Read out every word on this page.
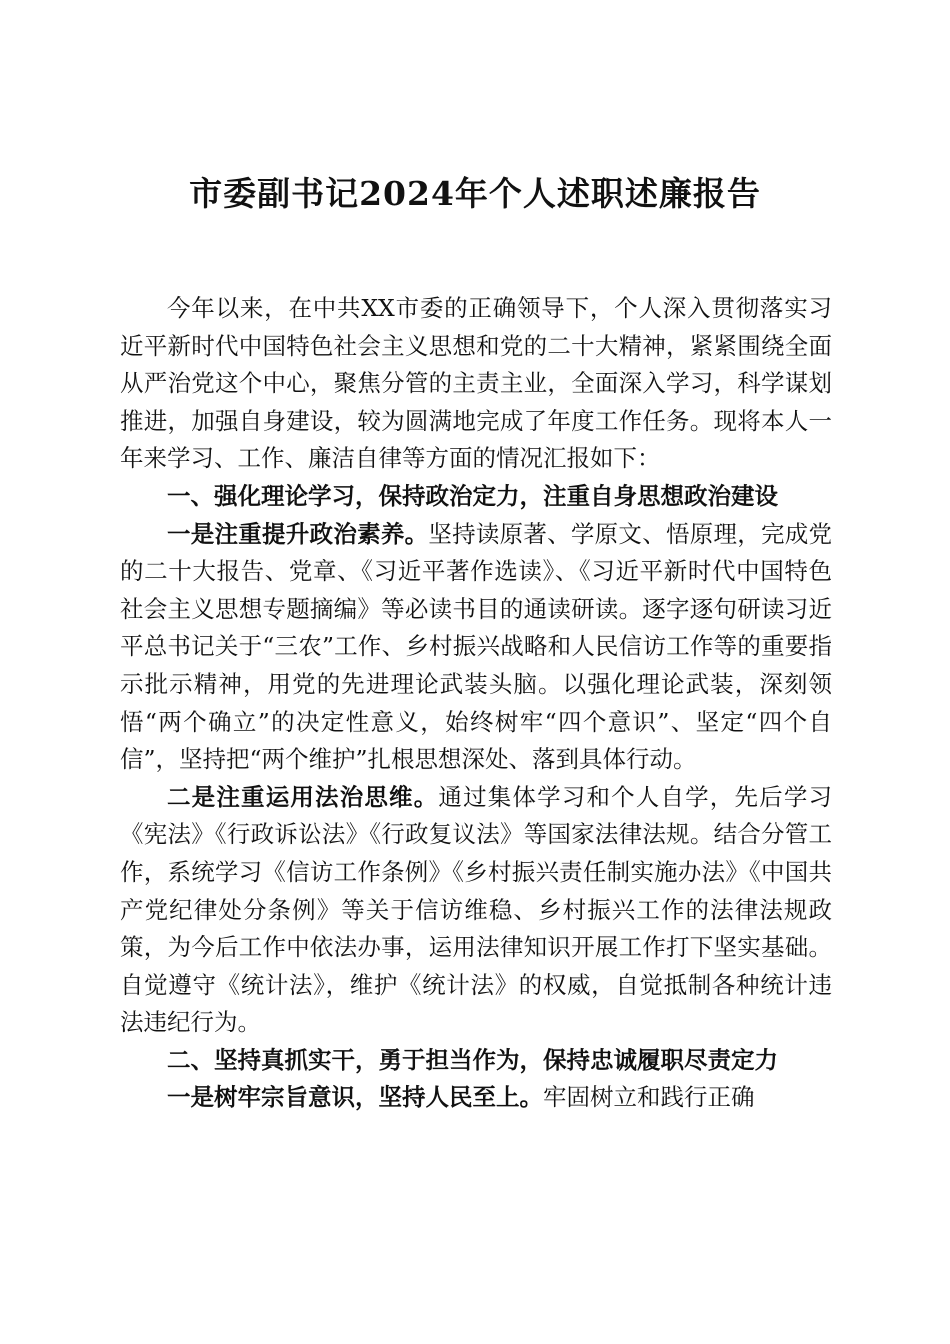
市委副书记2024年个人述职述廉报告

今年以来，在中共XX市委的正确领导下，个人深入贯彻落实习近平新时代中国特色社会主义思想和党的二十大精神，紧紧围绕全面从严治党这个中心，聚焦分管的主责主业，全面深入学习，科学谋划推进，加强自身建设，较为圆满地完成了年度工作任务。现将本人一年来学习、工作、廉洁自律等方面的情况汇报如下：

一、强化理论学习，保持政治定力，注重自身思想政治建设

一是注重提升政治素养。坚持读原著、学原文、悟原理，完成党的二十大报告、党章、《习近平著作选读》、《习近平新时代中国特色社会主义思想专题摘编》等必读书目的通读研读。逐字逐句研读习近平总书记关于“三农”工作、乡村振兴战略和人民信访工作等的重要指示批示精神，用党的先进理论武装头脑。以强化理论武装，深刻领悟“两个确立”的决定性意义，始终树牢“四个意识”、坚定“四个自信”，坚持把“两个维护”扎根思想深处、落到具体行动。

二是注重运用法治思维。通过集体学习和个人自学，先后学习《宪法》《行政诉讼法》《行政复议法》等国家法律法规。结合分管工作，系统学习《信访工作条例》《乡村振兴责任制实施办法》《中国共产党纪律处分条例》等关于信访维稳、乡村振兴工作的法律法规政策，为今后工作中依法办事，运用法律知识开展工作打下坚实基础。自觉遵守《统计法》，维护《统计法》的权威，自觉抵制各种统计违法违纪行为。

二、坚持真抓实干，勇于担当作为，保持忠诚履职尽责定力

一是树牢宗旨意识，坚持人民至上。牢固树立和践行正确
